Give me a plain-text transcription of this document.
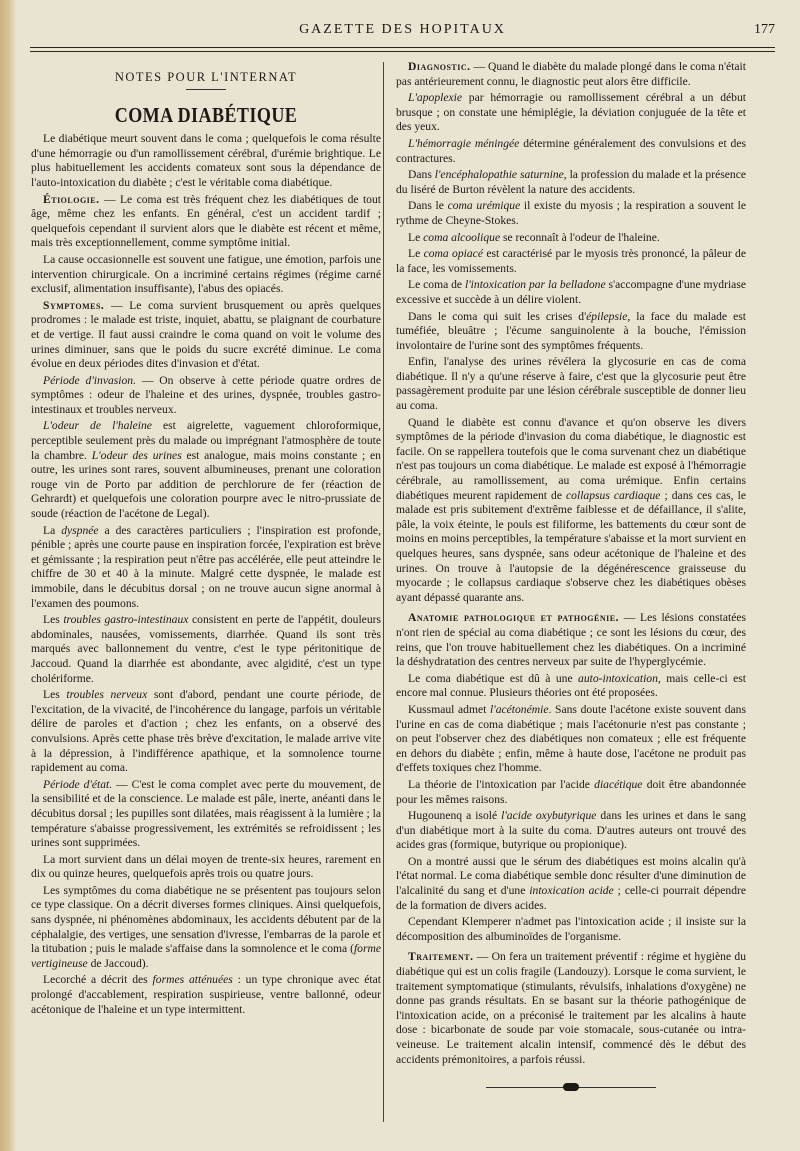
GAZETTE DES HOPITAUX	177
NOTES POUR L'INTERNAT
COMA DIABÉTIQUE

Le diabétique meurt souvent dans le coma ; quelquefois le coma résulte d'une hémorragie ou d'un ramollissement cérébral, d'urémie brightique. Le plus habituellement les accidents comateux sont sous la dépendance de l'auto-intoxication du diabète ; c'est le véritable coma diabétique.

Étiologie. — Le coma est très fréquent chez les diabétiques de tout âge, même chez les enfants. En général, c'est un accident tardif ; quelquefois cependant il survient alors que le diabète est récent et même, mais très exceptionnellement, comme symptôme initial.

La cause occasionnelle est souvent une fatigue, une émotion, parfois une intervention chirurgicale. On a incriminé certains régimes (régime carné exclusif, alimentation insuffisante), l'abus des opiacés.

Symptomes. — Le coma survient brusquement ou après quelques prodromes : le malade est triste, inquiet, abattu, se plaignant de courbature et de vertige. Il faut aussi craindre le coma quand on voit le volume des urines diminuer, sans que le poids du sucre excrété diminue. Le coma évolue en deux périodes dites d'invasion et d'état.

Période d'invasion. — On observe à cette période quatre ordres de symptômes : odeur de l'haleine et des urines, dyspnée, troubles gastro-intestinaux et troubles nerveux.

L'odeur de l'haleine est aigrelette, vaguement chloroformique, perceptible seulement près du malade ou imprégnant l'atmosphère de toute la chambre. L'odeur des urines est analogue, mais moins constante ; en outre, les urines sont rares, souvent albumineuses, prenant une coloration rouge vin de Porto par addition de perchlorure de fer (réaction de Gehrardt) et quelquefois une coloration pourpre avec le nitro-prussiate de soude (réaction de l'acétone de Legal).

La dyspnée a des caractères particuliers ; l'inspiration est profonde, pénible ; après une courte pause en inspiration forcée, l'expiration est brève et gémissante ; la respiration peut n'être pas accélérée, elle peut atteindre le chiffre de 30 et 40 à la minute. Malgré cette dyspnée, le malade est immobile, dans le décubitus dorsal ; on ne trouve aucun signe anormal à l'examen des poumons.

Les troubles gastro-intestinaux consistent en perte de l'appétit, douleurs abdominales, nausées, vomissements, diarrhée. Quand ils sont très marqués avec ballonnement du ventre, c'est le type péritonitique de Jaccoud. Quand la diarrhée est abondante, avec algidité, c'est un type cholériforme.

Les troubles nerveux sont d'abord, pendant une courte période, de l'excitation, de la vivacité, de l'incohérence du langage, parfois un véritable délire de paroles et d'action ; chez les enfants, on a observé des convulsions. Après cette phase très brève d'excitation, le malade arrive vite à la dépression, à l'indifférence apathique, et la somnolence tourne rapidement au coma.

Période d'état. — C'est le coma complet avec perte du mouvement, de la sensibilité et de la conscience. Le malade est pâle, inerte, anéanti dans le décubitus dorsal ; les pupilles sont dilatées, mais réagissent à la lumière ; la température s'abaisse progressivement, les extrémités se refroidissent ; les urines sont supprimées.

La mort survient dans un délai moyen de trente-six heures, rarement en dix ou quinze heures, quelquefois après trois ou quatre jours.

Les symptômes du coma diabétique ne se présentent pas toujours selon ce type classique. On a décrit diverses formes cliniques. Ainsi quelquefois, sans dyspnée, ni phénomènes abdominaux, les accidents débutent par de la céphalalgie, des vertiges, une sensation d'ivresse, l'embarras de la parole et la titubation ; puis le malade s'affaise dans la somnolence et le coma (forme vertigineuse de Jaccoud).

Lecorché a décrit des formes atténuées : un type chronique avec état prolongé d'accablement, respiration suspirieuse, ventre ballonné, odeur acétonique de l'haleine et un type intermittent.

Diagnostic. — Quand le diabète du malade plongé dans le coma n'était pas antérieurement connu, le diagnostic peut alors être difficile.

L'apoplexie par hémorragie ou ramollissement cérébral a un début brusque ; on constate une hémiplégie, la déviation conjuguée de la tête et des yeux.

L'hémorragie méningée détermine généralement des convulsions et des contractures.

Dans l'encéphalopathie saturnine, la profession du malade et la présence du liséré de Burton révèlent la nature des accidents.

Dans le coma urémique il existe du myosis ; la respiration a souvent le rythme de Cheyne-Stokes.

Le coma alcoolique se reconnaît à l'odeur de l'haleine.

Le coma opiacé est caractérisé par le myosis très prononcé, la pâleur de la face, les vomissements.

Le coma de l'intoxication par la belladone s'accompagne d'une mydriase excessive et succède à un délire violent.

Dans le coma qui suit les crises d'épilepsie, la face du malade est tuméfiée, bleuâtre ; l'écume sanguinolente à la bouche, l'émission involontaire de l'urine sont des symptômes fréquents.

Enfin, l'analyse des urines révélera la glycosurie en cas de coma diabétique. Il n'y a qu'une réserve à faire, c'est que la glycosurie peut être passagèrement produite par une lésion cérébrale susceptible de donner lieu au coma.

Quand le diabète est connu d'avance et qu'on observe les divers symptômes de la période d'invasion du coma diabétique, le diagnostic est facile. On se rappellera toutefois que le coma survenant chez un diabétique n'est pas toujours un coma diabétique. Le malade est exposé à l'hémorragie cérébrale, au ramollissement, au coma urémique. Enfin certains diabétiques meurent rapidement de collapsus cardiaque ; dans ces cas, le malade est pris subitement d'extrême faiblesse et de défaillance, il s'alite, pâle, la voix éteinte, le pouls est filiforme, les battements du cœur sont de moins en moins perceptibles, la température s'abaisse et la mort survient en quelques heures, sans dyspnée, sans odeur acétonique de l'haleine et des urines. On trouve à l'autopsie de la dégénérescence graisseuse du myocarde ; le collapsus cardiaque s'observe chez les diabétiques obèses ayant dépassé quarante ans.

Anatomie pathologique et pathogénie. — Les lésions constatées n'ont rien de spécial au coma diabétique ; ce sont les lésions du cœur, des reins, que l'on trouve habituellement chez les diabétiques. On a incriminé la déshydratation des centres nerveux par suite de l'hyperglycémie.

Le coma diabétique est dû à une auto-intoxication, mais celle-ci est encore mal connue. Plusieurs théories ont été proposées.

Kussmaul admet l'acétonémie. Sans doute l'acétone existe souvent dans l'urine en cas de coma diabétique ; mais l'acétonurie n'est pas constante ; on peut l'observer chez des diabétiques non comateux ; elle est fréquente en dehors du diabète ; enfin, même à haute dose, l'acétone ne produit pas d'effets toxiques chez l'homme.

La théorie de l'intoxication par l'acide diacétique doit être abandonnée pour les mêmes raisons.

Hugounenq a isolé l'acide oxybutyrique dans les urines et dans le sang d'un diabétique mort à la suite du coma. D'autres auteurs ont trouvé des acides gras (formique, butyrique ou propionique).

On a montré aussi que le sérum des diabétiques est moins alcalin qu'à l'état normal. Le coma diabétique semble donc résulter d'une diminution de l'alcalinité du sang et d'une intoxication acide ; celle-ci pourrait dépendre de la formation de divers acides.

Cependant Klemperer n'admet pas l'intoxication acide ; il insiste sur la décomposition des albuminoïdes de l'organisme.

Traitement. — On fera un traitement préventif : régime et hygiène du diabétique qui est un colis fragile (Landouzy). Lorsque le coma survient, le traitement symptomatique (stimulants, révulsifs, inhalations d'oxygène) ne donne pas grands résultats. En se basant sur la théorie pathogénique de l'intoxication acide, on a préconisé le traitement par les alcalins à haute dose : bicarbonate de soude par voie stomacale, sous-cutanée ou intra-veineuse. Le traitement alcalin intensif, commencé dès le début des accidents prémonitoires, a parfois réussi.
